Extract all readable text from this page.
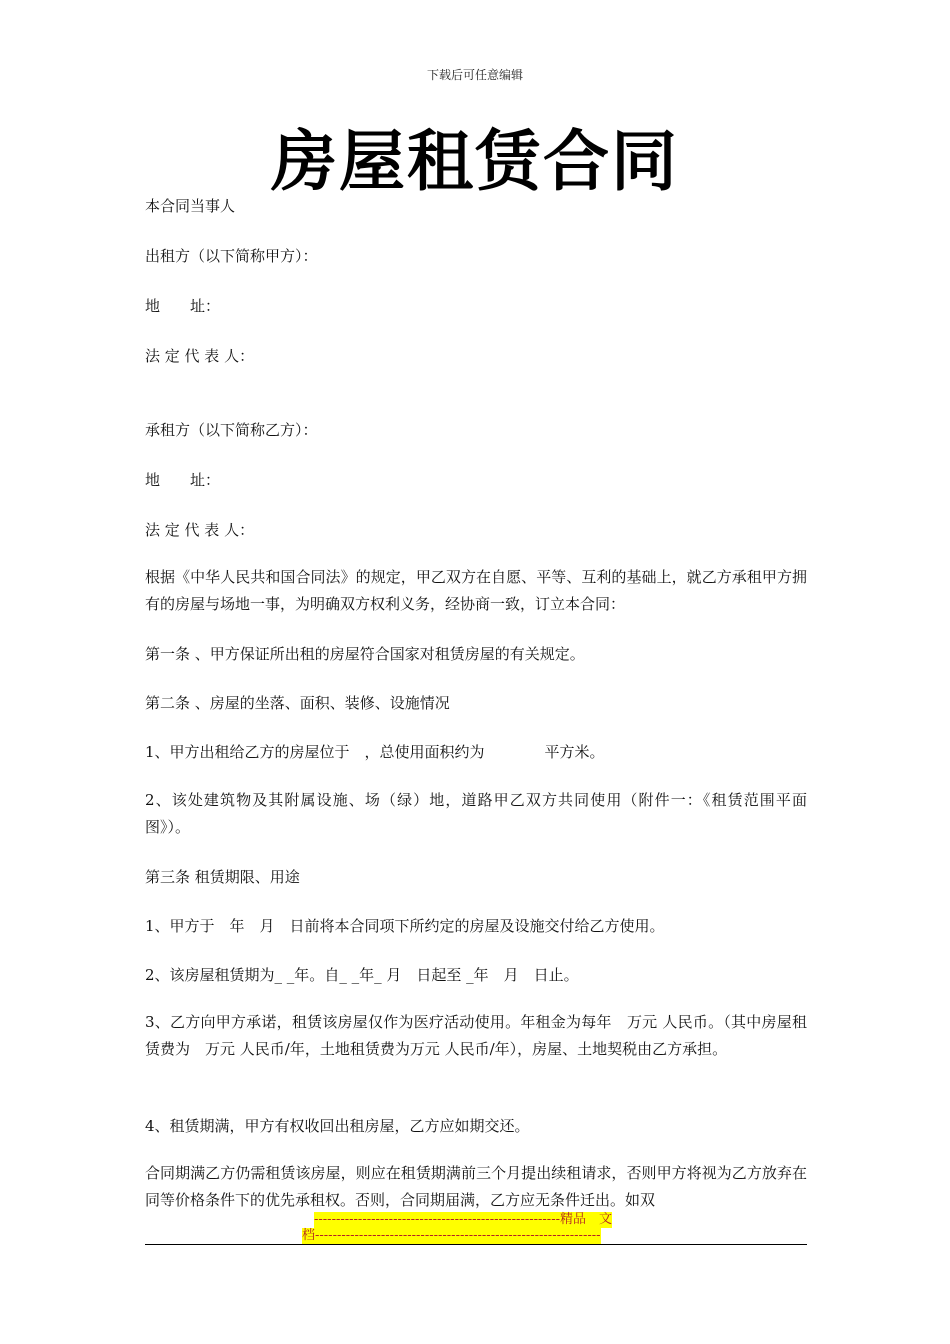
下载后可任意编辑
房屋租赁合同
本合同当事人
出租方（以下简称甲方）：
地　　址：
法 定 代 表 人：
承租方（以下简称乙方）：
地　　址：
法 定 代 表 人：
根据《中华人民共和国合同法》的规定，甲乙双方在自愿、平等、互利的基础上，就乙方承租甲方拥有的房屋与场地一事，为明确双方权利义务，经协商一致，订立本合同：
第一条 、甲方保证所出租的房屋符合国家对租赁房屋的有关规定。
第二条 、房屋的坐落、面积、装修、设施情况
1、甲方出租给乙方的房屋位于　，总使用面积约为　　　　平方米。
2、该处建筑物及其附属设施、场（绿）地，道路甲乙双方共同使用（附件一：《租赁范围平面图》）。
第三条 租赁期限、用途
1、甲方于　年　月　日前将本合同项下所约定的房屋及设施交付给乙方使用。
2、该房屋租赁期为_ _年。自_ _年_ 月　日起至 _年　月　日止。
3、乙方向甲方承诺，租赁该房屋仅作为医疗活动使用。年租金为每年　万元 人民币。（其中房屋租赁费为　万元 人民币/年，土地租赁费为万元 人民币/年），房屋、土地契税由乙方承担。
4、租赁期满，甲方有权收回出租房屋，乙方应如期交还。
合同期满乙方仍需租赁该房屋，则应在租赁期满前三个月提出续租请求，否则甲方将视为乙方放弃在同等价格条件下的优先承租权。否则，合同期届满，乙方应无条件迁出。如双
--------------------------------------------------------精品　文
档-----------------------------------------------------------------
